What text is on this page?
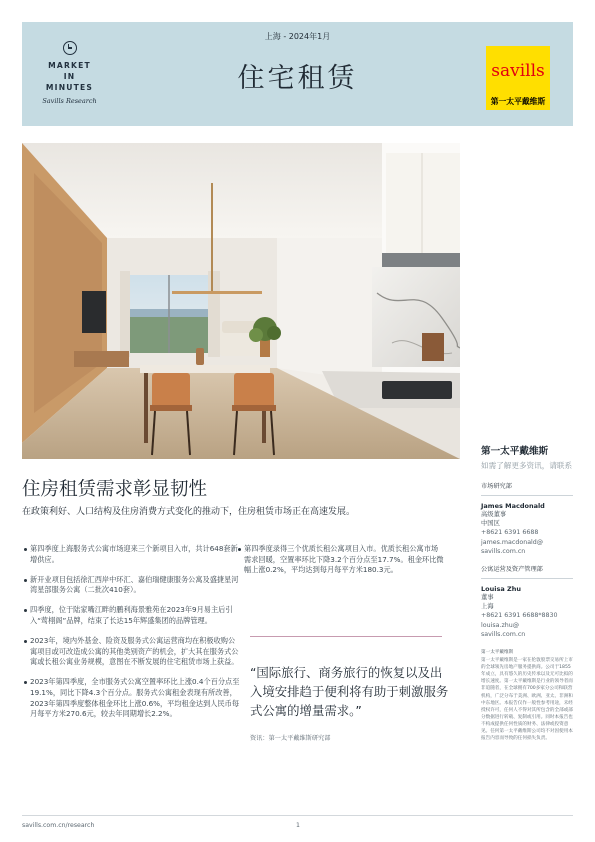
MARKET
IN
MINUTES
Savills Research
上海 - 2024年1月
住宅租赁	savills
第一太平戴维斯
住房租赁需求彰显韧性
在政策利好、人口结构及住房消费方式变化的推动下，住房租赁市场正在高速发展。
第四季度上海服务式公寓市场迎来三个新项目入市，共计648套新增供应。
新开业项目包括徐汇西岸中环汇、嘉伯瑞健康服务公寓及盛捷星河湾星部服务公寓（二批次410套）。
四季度，位于陆家嘴江畔的鹏利海景雅苑在2023年9月易主后引入“莺栩阁”品牌，结束了长达15年辉盛集团的品牌管理。
2023年，境内外基金、险资及服务式公寓运营商均在积极收购公寓项目或可改造成公寓的其他类别资产的机会，扩大其在服务式公寓或长租公寓业务规模，意图在不断发展的住宅租赁市场上获益。
2023年第四季度，全市服务式公寓空置率环比上涨0.4个百分点至19.1%，同比下降4.3个百分点。服务式公寓租金表现有所改善，2023年第四季度整体租金环比上涨0.6%，平均租金达到人民币每月每平方米270.6元，较去年同期增长2.2%。
第四季度录得三个优质长租公寓项目入市。优质长租公寓市场需求回暖，空置率环比下降3.2个百分点至17.7%。租金环比微幅上涨0.2%，平均达到每月每平方米180.3元。
“国际旅行、商务旅行的恢复以及出入境安排趋于便利将有助于刺激服务式公寓的增量需求。”
资讯：第一太平戴维斯研究部
第一太平戴维斯
如需了解更多资讯，请联系
市场研究部
James Macdonald
高级董事
中国区
+8621 6391 6688
james.macdonald@
savills.com.cn
公寓运营及资产管理部
Louisa Zhu
董事
上海
+8621 6391 6688*8830
louisa.zhu@
savills.com.cn
第一太平戴维斯
第一太平戴维斯是一家在伦敦股票交易所上市的全球领先房地产服务提供商。公司于1855年成立，具有悠久的历史传承以及无可比拟的增长速度。第一太平戴维斯是行业的领导者而非追随者，在全球拥有700多家分公司和联营机构，广泛分布于美洲、欧洲、亚太、非洲和中东地区。本报告仅作一般性参考用途，未经授权许可，任何人不得对其所包含的全部或部分数据进行转载、复制或引用。同时本报告也不构成提供任何性质的财务、法律或投资意见。任何第一太平戴维斯公司均不对因使用本报告内容而导致的任何损失负责。
savills.com.cn/research	1
